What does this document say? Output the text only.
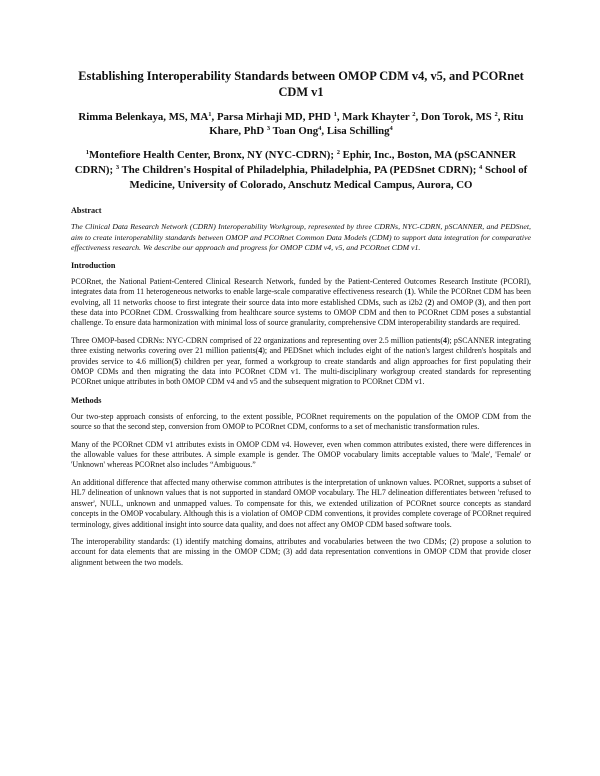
Establishing Interoperability Standards between OMOP CDM v4, v5, and PCORnet CDM v1
Rimma Belenkaya, MS, $MA^1$, Parsa Mirhaji MD, PHD $^1$, Mark Khayter $^2$, Don Torok, MS $^2$, Ritu Khare, PhD $^3$ Toan Ong$^4$, Lisa Schilling$^4$
$^1$Montefiore Health Center, Bronx, NY (NYC-CDRN); $^2$ Ephir, Inc., Boston, MA (pSCANNER CDRN); $^3$ The Children's Hospital of Philadelphia, Philadelphia, PA (PEDSnet CDRN); $^4$ School of Medicine, University of Colorado, Anschutz Medical Campus, Aurora, CO
Abstract
The Clinical Data Research Network (CDRN) Interoperability Workgroup, represented by three CDRNs, NYC-CDRN, pSCANNER, and PEDSnet, aim to create interoperability standards between OMOP and PCORnet Common Data Models (CDM) to support data integration for comparative effectiveness research. We describe our approach and progress for OMOP CDM v4, v5, and PCORnet CDM v1.
Introduction
PCORnet, the National Patient-Centered Clinical Research Network, funded by the Patient-Centered Outcomes Research Institute (PCORI), integrates data from 11 heterogeneous networks to enable large-scale comparative effectiveness research (1). While the PCORnet CDM has been evolving, all 11 networks choose to first integrate their source data into more established CDMs, such as i2b2 (2) and OMOP (3), and then port these data into PCORnet CDM. Crosswalking from healthcare source systems to OMOP CDM and then to PCORnet CDM poses a substantial challenge. To ensure data harmonization with minimal loss of source granularity, comprehensive CDM interoperability standards are required.
Three OMOP-based CDRNs: NYC-CDRN comprised of 22 organizations and representing over 2.5 million patients(4); pSCANNER integrating three existing networks covering over 21 million patients(4); and PEDSnet which includes eight of the nation's largest children's hospitals and provides service to 4.6 million(5) children per year, formed a workgroup to create standards and align approaches for first populating their OMOP CDMs and then migrating the data into PCORnet CDM v1. The multi-disciplinary workgroup created standards for representing PCORnet unique attributes in both OMOP CDM v4 and v5 and the subsequent migration to PCORnet CDM v1.
Methods
Our two-step approach consists of enforcing, to the extent possible, PCORnet requirements on the population of the OMOP CDM from the source so that the second step, conversion from OMOP to PCORnet CDM, conforms to a set of mechanistic transformation rules.
Many of the PCORnet CDM v1 attributes exists in OMOP CDM v4. However, even when common attributes existed, there were differences in the allowable values for these attributes. A simple example is gender. The OMOP vocabulary limits acceptable values to 'Male', 'Female' or 'Unknown' whereas PCORnet also includes “Ambiguous.”
An additional difference that affected many otherwise common attributes is the interpretation of unknown values. PCORnet, supports a subset of HL7 delineation of unknown values that is not supported in standard OMOP vocabulary. The HL7 delineation differentiates between 'refused to answer', NULL, unknown and unmapped values. To compensate for this, we extended utilization of PCORnet source concepts as standard concepts in the OMOP vocabulary. Although this is a violation of OMOP CDM conventions, it provides complete coverage of PCORnet required terminology, gives additional insight into source data quality, and does not affect any OMOP CDM based software tools.
The interoperability standards: (1) identify matching domains, attributes and vocabularies between the two CDMs; (2) propose a solution to account for data elements that are missing in the OMOP CDM; (3) add data representation conventions in OMOP CDM that provide closer alignment between the two models.
